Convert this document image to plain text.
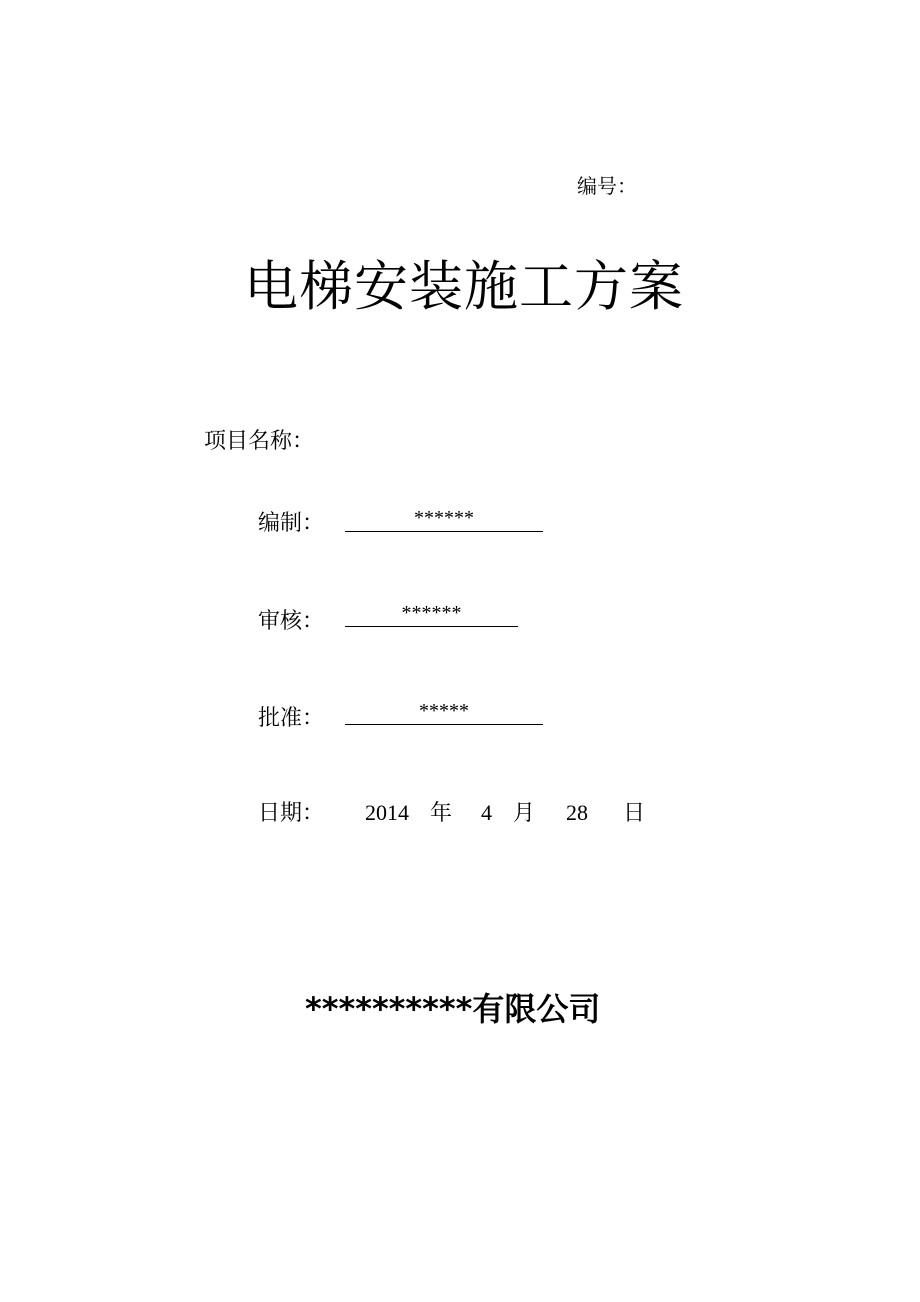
编号：
电梯安装施工方案
项目名称：
编制：	******
审核：	******
批准：	*****
日期： 2014 年 4 月 28 日
**********有限公司
